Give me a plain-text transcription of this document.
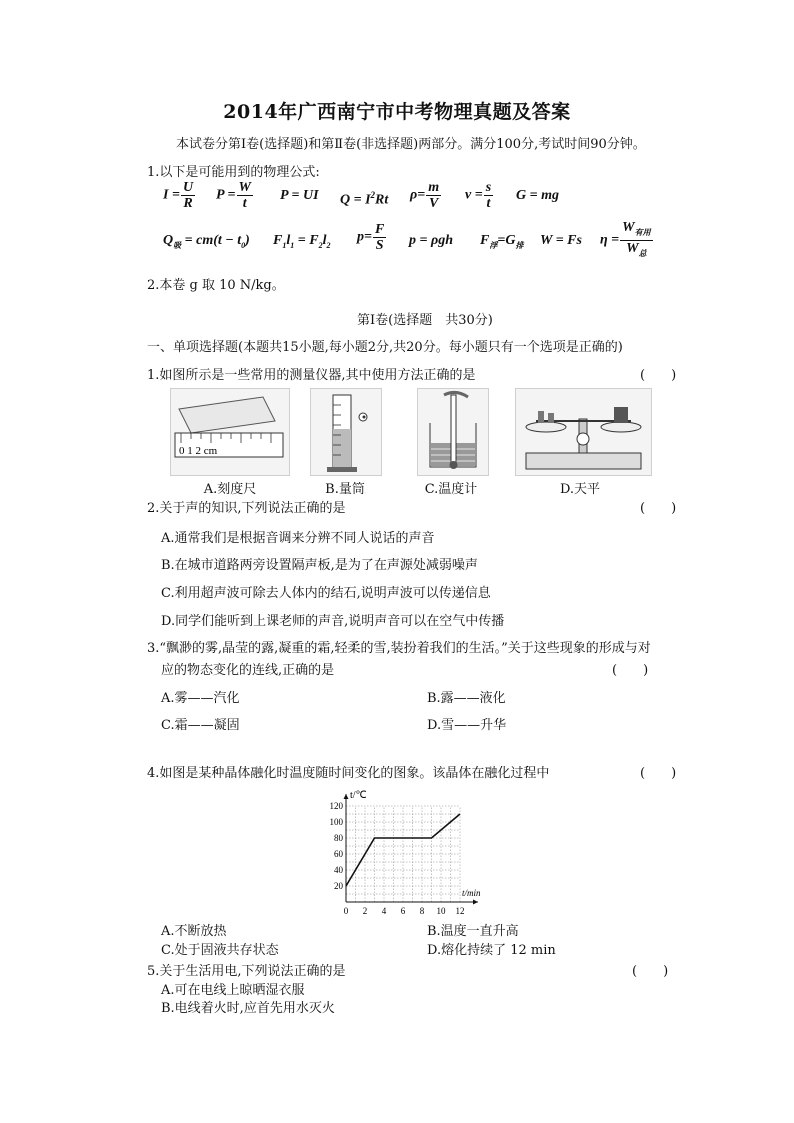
2014年广西南宁市中考物理真题及答案
本试卷分第Ⅰ卷(选择题)和第Ⅱ卷(非选择题)两部分。满分100分,考试时间90分钟。
1.以下是可能用到的物理公式:
$I = \frac{U}{R}$ $P = \frac{W}{t}$ P = UI $Q = I^2Rt$ $\rho= \frac{m}{V}$ $v = \frac{s}{t}$ G = mg
$Q_吸 = cm(t - t_0) F_1l_1 = F_2l_2$
$p= \frac{F}{S}$ p = ρgh $F_浮=G_排$ W = Fs $\eta = \frac{W_{有用}}{W_总}$
2.本卷 g 取 10 N/kg。
第Ⅰ卷(选择题　共30分)
一、单项选择题(本题共15小题,每小题2分,共20分。每小题只有一个选项是正确的)
1.如图所示是一些常用的测量仪器,其中使用方法正确的是	(　　)
0 1 2 cm
A.刻度尺	B.量筒	C.温度计	D.天平
2.关于声的知识,下列说法正确的是	(　　)
A.通常我们是根据音调来分辨不同人说话的声音
B.在城市道路两旁设置隔声板,是为了在声源处减弱噪声
C.利用超声波可除去人体内的结石,说明声波可以传递信息
D.同学们能听到上课老师的声音,说明声音可以在空气中传播
3.“飘渺的雾,晶莹的露,凝重的霜,轻柔的雪,装扮着我们的生活。”关于这些现象的形成与对
应的物态变化的连线,正确的是	(　　)
A.雾——汽化	B.露——液化
C.霜——凝固	D.雪——升华
4.如图是某种晶体融化时温度随时间变化的图象。该晶体在融化过程中	(　　)
0 2 4 6 8 10 12
20
40
60
80
100
120
t/℃
t/min
A.不断放热	B.温度一直升高
C.处于固液共存状态	D.熔化持续了 12 min
5.关于生活用电,下列说法正确的是	(　　)
A.可在电线上晾晒湿衣服
B.电线着火时,应首先用水灭火
